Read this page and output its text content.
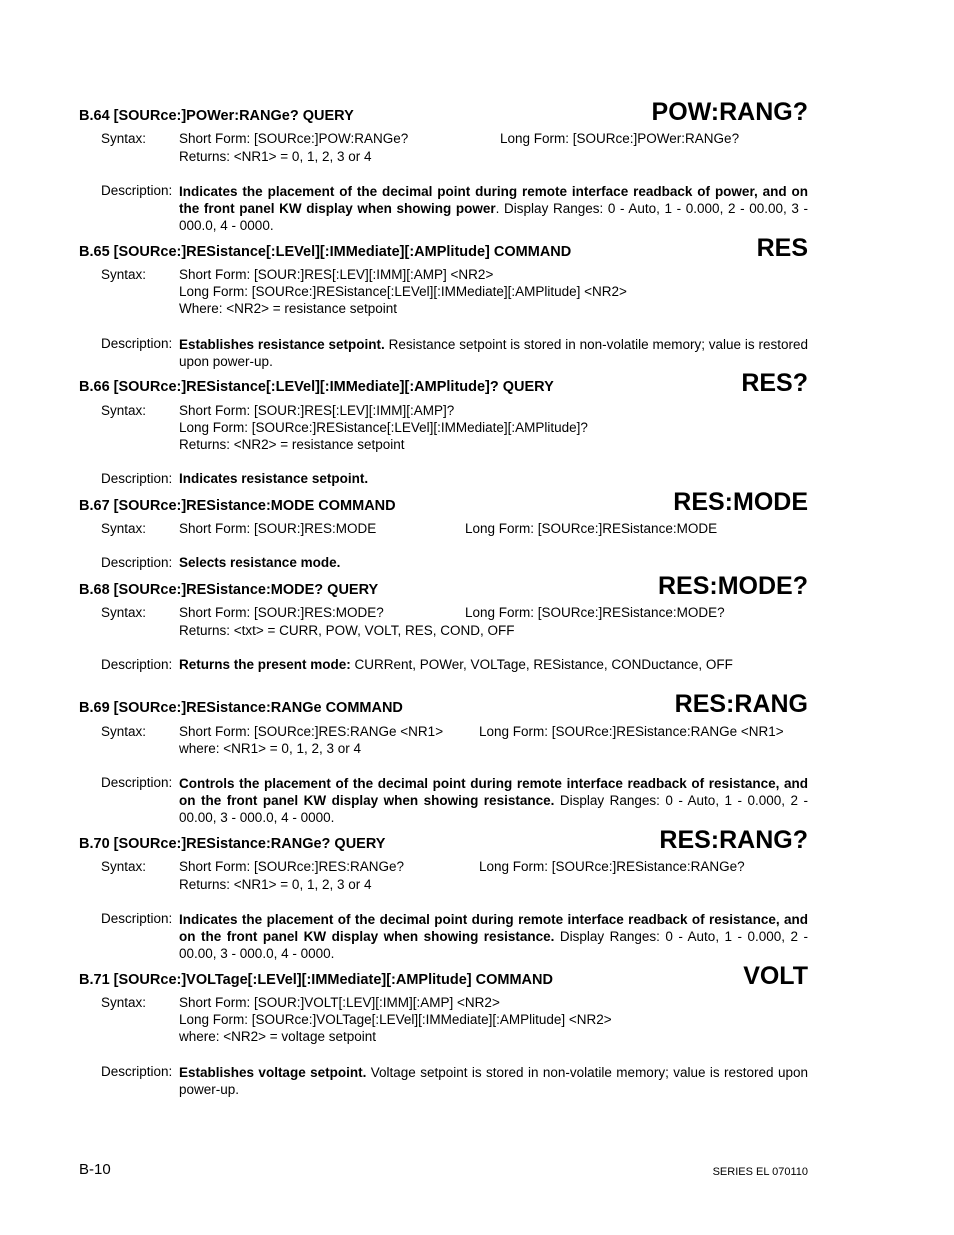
B.64 [SOURce:]POWer:RANGe? QUERY	POW:RANG?
Syntax: Short Form: [SOURce:]POW:RANGe?	Long Form: [SOURce:]POWer:RANGe?
Returns: <NR1> = 0, 1, 2, 3 or 4
Description: Indicates the placement of the decimal point during remote interface readback of power, and on the front panel KW display when showing power. Display Ranges: 0 - Auto, 1 - 0.000, 2 - 00.00, 3 - 000.0, 4 - 0000.
B.65 [SOURce:]RESistance[:LEVel][:IMMediate][:AMPlitude] COMMAND	RES
Syntax: Short Form: [SOUR:]RES[:LEV][:IMM][:AMP] <NR2>
Long Form: [SOURce:]RESistance[:LEVel][:IMMediate][:AMPlitude] <NR2>
Where: <NR2> = resistance setpoint
Description: Establishes resistance setpoint. Resistance setpoint is stored in non-volatile memory; value is restored upon power-up.
B.66 [SOURce:]RESistance[:LEVel][:IMMediate][:AMPlitude]? QUERY	RES?
Syntax: Short Form: [SOUR:]RES[:LEV][:IMM][:AMP]?
Long Form: [SOURce:]RESistance[:LEVel][:IMMediate][:AMPlitude]?
Returns: <NR2> = resistance setpoint
Description: Indicates resistance setpoint.
B.67 [SOURce:]RESistance:MODE COMMAND	RES:MODE
Syntax: Short Form: [SOUR:]RES:MODE	Long Form: [SOURce:]RESistance:MODE
Description: Selects resistance mode.
B.68 [SOURce:]RESistance:MODE? QUERY	RES:MODE?
Syntax: Short Form: [SOUR:]RES:MODE?	Long Form: [SOURce:]RESistance:MODE?
Returns: <txt> = CURR, POW, VOLT, RES, COND, OFF
Description: Returns the present mode: CURRent, POWer, VOLTage, RESistance, CONDuctance, OFF
B.69 [SOURce:]RESistance:RANGe COMMAND	RES:RANG
Syntax: Short Form: [SOURce:]RES:RANGe <NR1>	Long Form: [SOURce:]RESistance:RANGe <NR1>
where: <NR1> = 0, 1, 2, 3 or 4
Description: Controls the placement of the decimal point during remote interface readback of resistance, and on the front panel KW display when showing resistance. Display Ranges: 0 - Auto, 1 - 0.000, 2 - 00.00, 3 - 000.0, 4 - 0000.
B.70 [SOURce:]RESistance:RANGe? QUERY	RES:RANG?
Syntax: Short Form: [SOURce:]RES:RANGe?	Long Form: [SOURce:]RESistance:RANGe?
Returns: <NR1> = 0, 1, 2, 3 or 4
Description: Indicates the placement of the decimal point during remote interface readback of resistance, and on the front panel KW display when showing resistance. Display Ranges: 0 - Auto, 1 - 0.000, 2 - 00.00, 3 - 000.0, 4 - 0000.
B.71 [SOURce:]VOLTage[:LEVel][:IMMediate][:AMPlitude] COMMAND	VOLT
Syntax: Short Form: [SOUR:]VOLT[:LEV][:IMM][:AMP] <NR2>
Long Form: [SOURce:]VOLTage[:LEVel][:IMMediate][:AMPlitude] <NR2>
where: <NR2> = voltage setpoint
Description: Establishes voltage setpoint. Voltage setpoint is stored in non-volatile memory; value is restored upon power-up.
B-10	SERIES EL 070110
